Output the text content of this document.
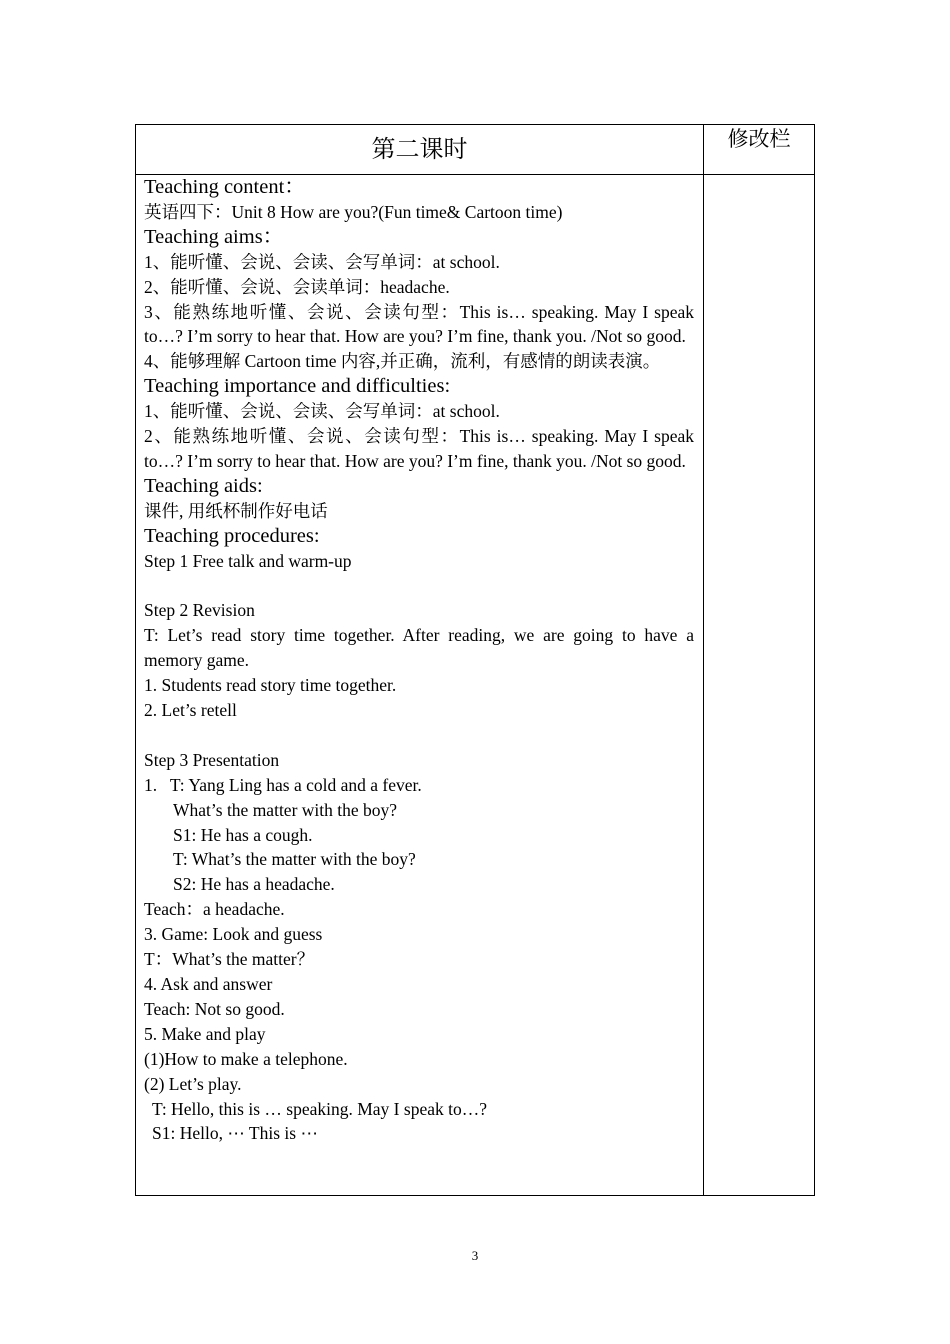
第二课时	修改栏

Teaching content：

英语四下：Unit 8 How are you?(Fun time& Cartoon time)

Teaching aims：

1、能听懂、会说、会读、会写单词：at school.

2、能听懂、会说、会读单词：headache.

3、能熟练地听懂、会说、会读句型：This is… speaking. May I speak to…? I’m sorry to hear that. How are you? I’m fine, thank you. /Not so good.

4、能够理解 Cartoon time 内容,并正确，流利，有感情的朗读表演。

Teaching importance and difficulties:

1、能听懂、会说、会读、会写单词：at school.

2、能熟练地听懂、会说、会读句型：This is… speaking. May I speak to…? I’m sorry to hear that. How are you? I’m fine, thank you. /Not so good.

Teaching aids:

课件, 用纸杯制作好电话

Teaching procedures:

Step 1 Free talk and warm-up

Step 2 Revision

T: Let’s read story time together. After reading, we are going to have a memory game.

1. Students read story time together.

2. Let’s retell

Step 3 Presentation

1.   T: Yang Ling has a cold and a fever.

What’s the matter with the boy?

S1: He has a cough.

T: What’s the matter with the boy?

S2: He has a headache.

Teach：a headache.

3. Game: Look and guess

T：What’s the matter？

4. Ask and answer

Teach: Not so good.

5. Make and play

(1)How to make a telephone.

(2) Let’s play.

T: Hello, this is … speaking. May I speak to…?

S1: Hello, ⋯ This is ⋯

3
